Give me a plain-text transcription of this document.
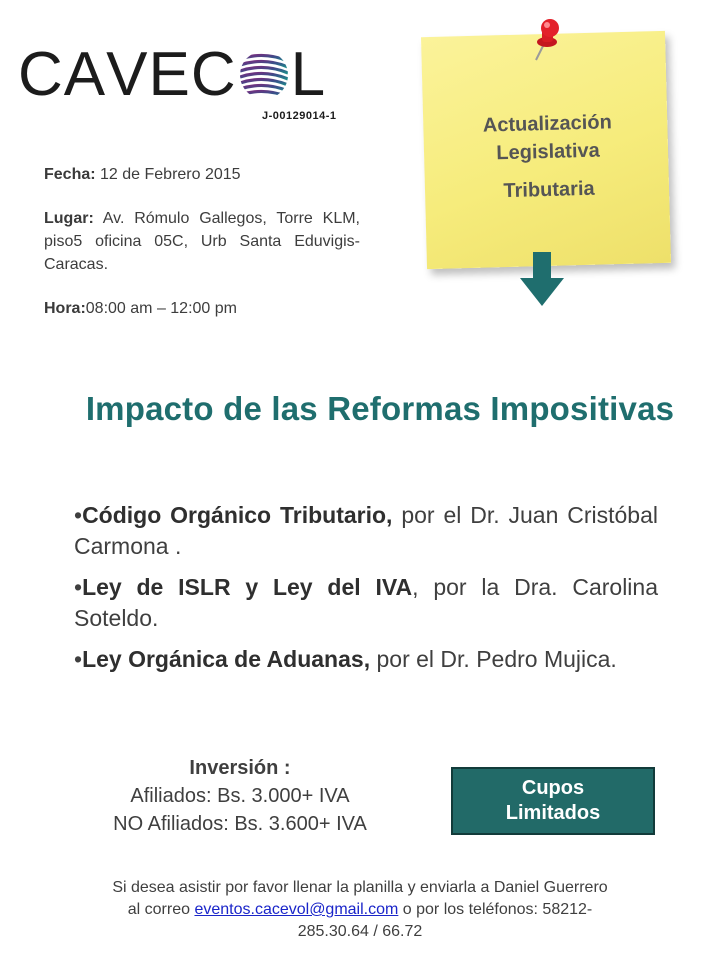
CAVEC L
J-00129014-1
Fecha: 12 de Febrero 2015
Lugar: Av. Rómulo Gallegos, Torre KLM, piso5 oficina 05C, Urb Santa Eduvigis-Caracas.
Hora:08:00 am – 12:00 pm
Actualización
Legislativa
Tributaria
Impacto de las Reformas Impositivas
•Código Orgánico Tributario, por el Dr. Juan Cristóbal Carmona .
•Ley de ISLR y Ley del IVA, por la Dra. Carolina Soteldo.
•Ley Orgánica de Aduanas, por el Dr. Pedro Mujica.
Inversión :
Afiliados: Bs. 3.000+ IVA
NO Afiliados: Bs. 3.600+ IVA
Cupos
Limitados
Si desea asistir por favor llenar la planilla y enviarla a Daniel Guerrero
al correo eventos.cacevol@gmail.com o por los teléfonos: 58212-
285.30.64 / 66.72
